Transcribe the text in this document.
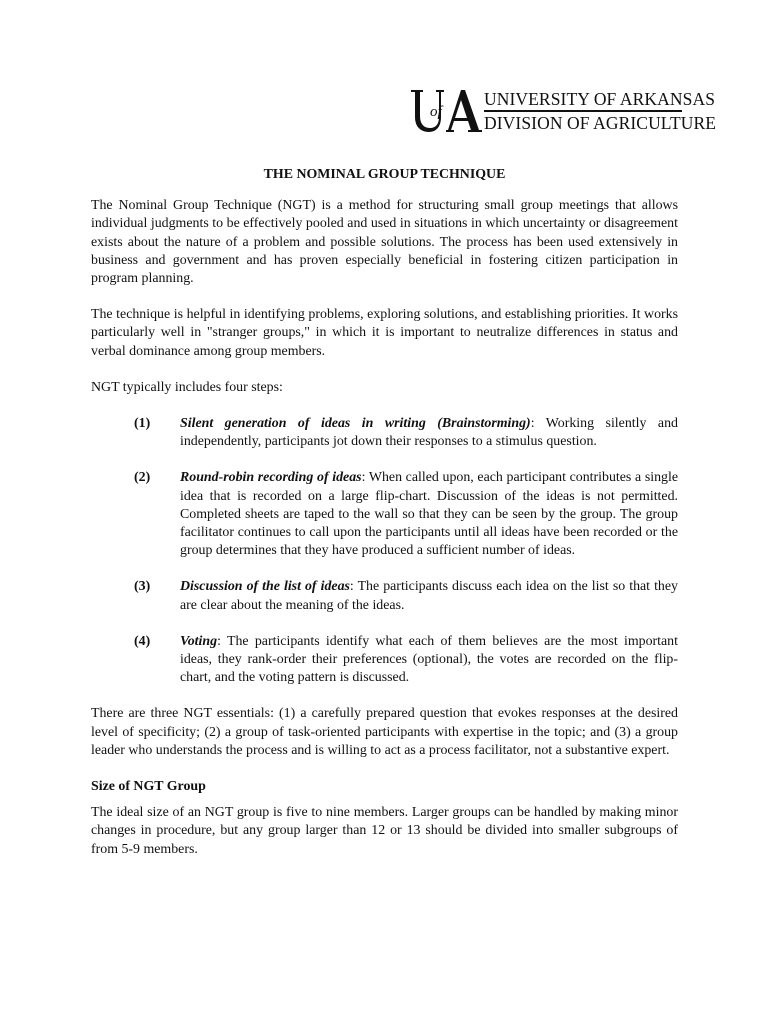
of
UNIVERSITY OF ARKANSAS
DIVISION OF AGRICULTURE
THE NOMINAL GROUP TECHNIQUE

The Nominal Group Technique (NGT) is a method for structuring small group meetings that allows individual judgments to be effectively pooled and used in situations in which uncertainty or disagreement exists about the nature of a problem and possible solutions. The process has been used extensively in business and government and has proven especially beneficial in fostering citizen participation in program planning.

The technique is helpful in identifying problems, exploring solutions, and establishing priorities. It works particularly well in "stranger groups," in which it is important to neutralize differences in status and verbal dominance among group members.

NGT typically includes four steps:

(1) Silent generation of ideas in writing (Brainstorming): Working silently and independently, participants jot down their responses to a stimulus question.
(2) Round-robin recording of ideas: When called upon, each participant contributes a single idea that is recorded on a large flip-chart. Discussion of the ideas is not permitted. Completed sheets are taped to the wall so that they can be seen by the group. The group facilitator continues to call upon the participants until all ideas have been recorded or the group determines that they have produced a sufficient number of ideas.
(3) Discussion of the list of ideas: The participants discuss each idea on the list so that they are clear about the meaning of the ideas.
(4) Voting: The participants identify what each of them believes are the most important ideas, they rank-order their preferences (optional), the votes are recorded on the flip-chart, and the voting pattern is discussed.

There are three NGT essentials: (1) a carefully prepared question that evokes responses at the desired level of specificity; (2) a group of task-oriented participants with expertise in the topic; and (3) a group leader who understands the process and is willing to act as a process facilitator, not a substantive expert.

Size of NGT Group

The ideal size of an NGT group is five to nine members. Larger groups can be handled by making minor changes in procedure, but any group larger than 12 or 13 should be divided into smaller subgroups of from 5-9 members.
